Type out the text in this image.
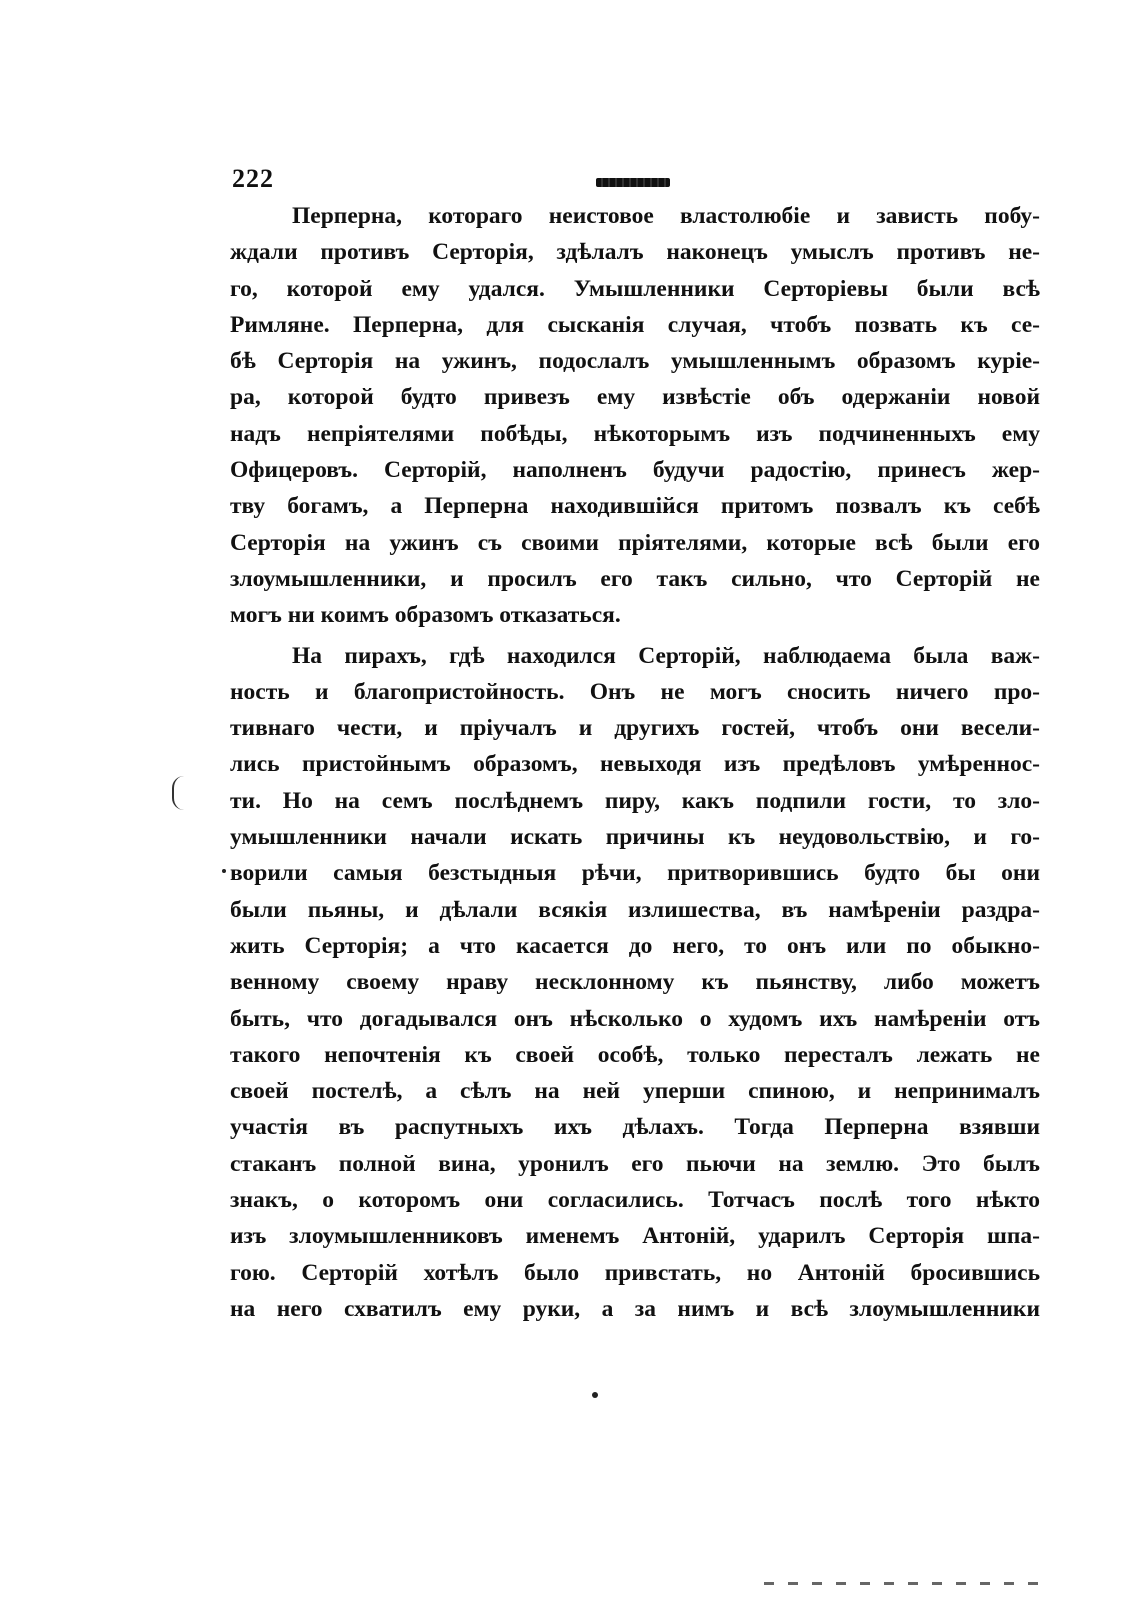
222
Перперна, котораго неистовое властолюбіе и зависть побу-
ждали противъ Серторія, здѣлалъ наконецъ умыслъ противъ не-
го, которой ему удался. Умышленники Серторіевы были всѣ
Римляне. Перперна, для сысканія случая, чтобъ позвать къ се-
бѣ Серторія на ужинъ, подослалъ умышленнымъ образомъ куріе-
ра, которой будто привезъ ему извѣстіе объ одержаніи новой
надъ непріятелями побѣды, нѣкоторымъ изъ подчиненныхъ ему
Офицеровъ. Серторій, наполненъ будучи радостію, принесъ жер-
тву богамъ, а Перперна находившійся притомъ позвалъ къ себѣ
Серторія на ужинъ съ своими пріятелями, которые всѣ были его
злоумышленники, и просилъ его такъ сильно, что Серторій не
могъ ни коимъ образомъ отказаться.
На пирахъ, гдѣ находился Серторій, наблюдаема была важ-
ность и благопристойность. Онъ не могъ сносить ничего про-
тивнаго чести, и пріучалъ и другихъ гостей, чтобъ они весели-
лись пристойнымъ образомъ, невыходя изъ предѣловъ умѣреннос-
ти. Но на семъ послѣднемъ пиру, какъ подпили гости, то зло-
умышленники начали искать причины къ неудовольствію, и го-
ворили самыя безстыдныя рѣчи, притворившись будто бы они
были пьяны, и дѣлали всякія излишества, въ намѣреніи раздра-
жить Серторія; а что касается до него, то онъ или по обыкно-
венному своему нраву несклонному къ пьянству, либо можетъ
быть, что догадывался онъ нѣсколько о худомъ ихъ намѣреніи отъ
такого непочтенія къ своей особѣ, только пересталъ лежать не
своей постелѣ, а сѣлъ на ней уперши спиною, и непринималъ
участія въ распутныхъ ихъ дѣлахъ. Тогда Перперна взявши
стаканъ полной вина, уронилъ его пьючи на землю. Это былъ
знакъ, о которомъ они согласились. Тотчасъ послѣ того нѣкто
изъ злоумышленниковъ именемъ Антоній, ударилъ Серторія шпа-
гою. Серторій хотѣлъ было привстать, но Антоній бросившись
на него схватилъ ему руки, а за нимъ и всѣ злоумышленники
